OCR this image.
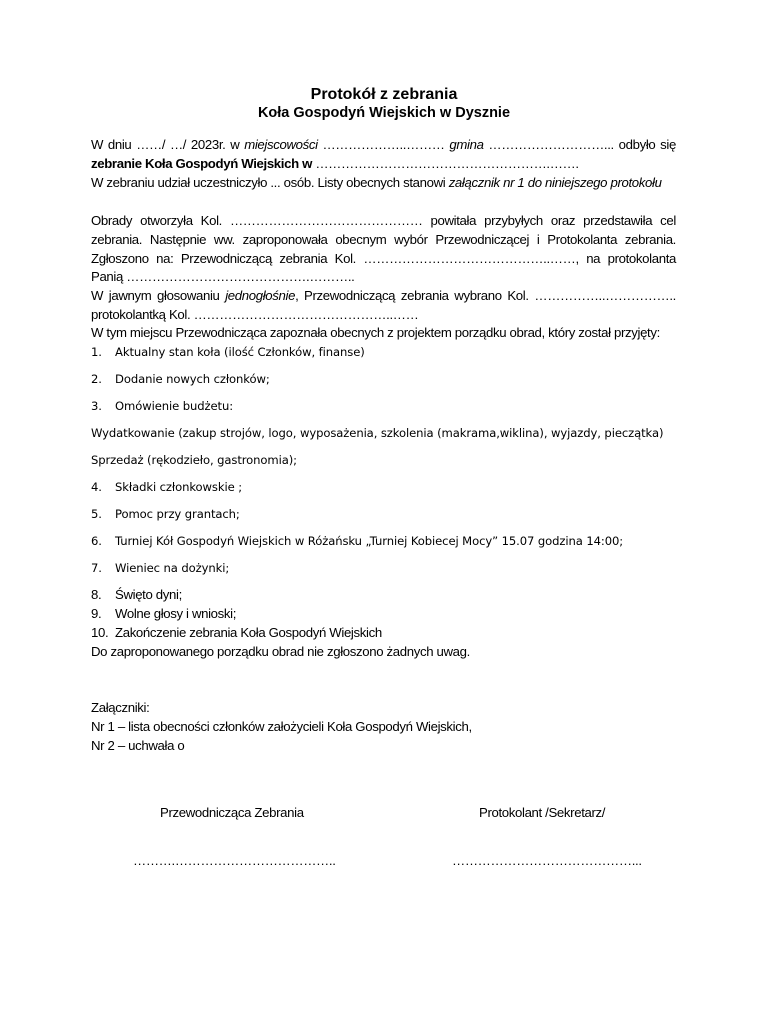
Protokół z zebrania
Koła Gospodyń Wiejskich w Dysznie
W dniu ……/ …/ 2023r. w miejscowości ………………..……… gmina ………………………... odbyło się zebranie Koła Gospodyń Wiejskich w ……………………………………………….…….
W zebraniu udział uczestniczyło ... osób. Listy obecnych stanowi załącznik nr 1 do niniejszego protokołu
Obrady otworzyła Kol. ……………………………………… powitała przybyłych oraz przedstawiła cel zebrania. Następnie ww. zaproponowała obecnym wybór Przewodniczącej i Protokolanta zebrania. Zgłoszono na: Przewodniczącą zebrania Kol. ……………………………………..……, na protokolanta Panią …………………………………….………..
W jawnym głosowaniu jednogłośnie, Przewodniczącą zebrania wybrano Kol. ……………..…………….. protokolantką Kol. ………………………………………..……
W tym miejscu Przewodnicząca zapoznała obecnych z projektem porządku obrad, który został przyjęty:
1. Aktualny stan koła (ilość Członków, finanse)
2. Dodanie nowych członków;
3. Omówienie budżetu:
Wydatkowanie (zakup strojów, logo, wyposażenia, szkolenia (makrama,wiklina), wyjazdy, pieczątka)
Sprzedaż (rękodzieło, gastronomia);
4. Składki członkowskie ;
5. Pomoc przy grantach;
6. Turniej Kół Gospodyń Wiejskich w Różańsku „Turniej Kobiecej Mocy” 15.07 godzina 14:00;
7. Wieniec na dożynki;
8. Święto dyni;
9. Wolne głosy i wnioski;
10. Zakończenie zebrania Koła Gospodyń Wiejskich
Do zaproponowanego porządku obrad nie zgłoszono żadnych uwag.
Załączniki:
Nr 1 – lista obecności członków założycieli Koła Gospodyń Wiejskich,
Nr 2 – uchwała o
Przewodnicząca Zebrania	Protokolant /Sekretarz/
……….………………………………..	……………………………………...
